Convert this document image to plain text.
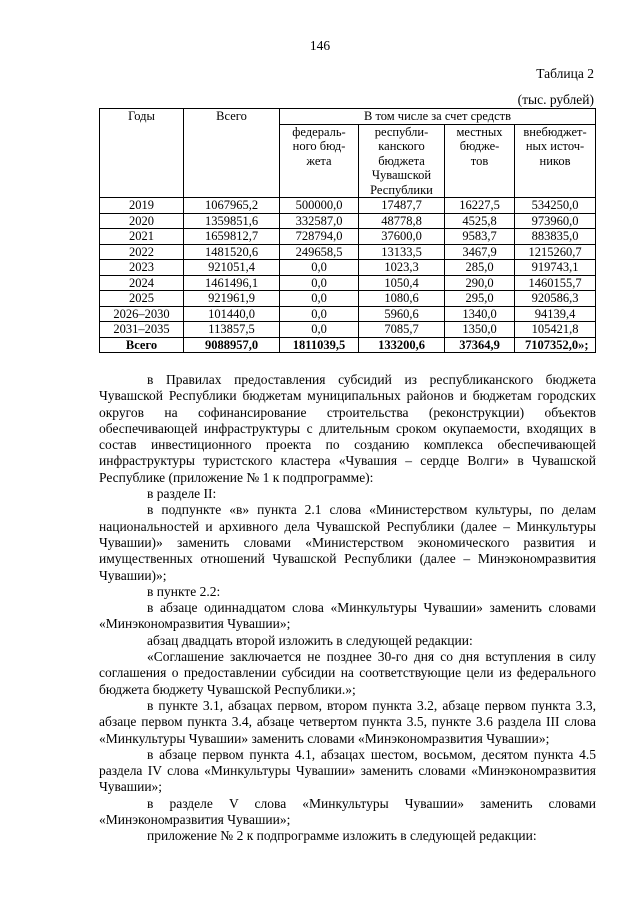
146
Таблица 2
(тыс. рублей)
Годы	Всего	В том числе за счет средств			

		федераль-
ного бюд-
жета	республи-
канского
бюджета
Чувашской
Республики	местных
бюдже-
тов	внебюджет-
ных источ-
ников

2019	1067965,2	500000,0	17487,7	16227,5	534250,0
2020	1359851,6	332587,0	48778,8	4525,8	973960,0
2021	1659812,7	728794,0	37600,0	9583,7	883835,0
2022	1481520,6	249658,5	13133,5	3467,9	1215260,7
2023	921051,4	0,0	1023,3	285,0	919743,1
2024	1461496,1	0,0	1050,4	290,0	1460155,7
2025	921961,9	0,0	1080,6	295,0	920586,3
2026–2030	101440,0	0,0	5960,6	1340,0	94139,4
2031–2035	113857,5	0,0	7085,7	1350,0	105421,8
Всего	9088957,0	1811039,5	133200,6	37364,9	7107352,0»;

в Правилах предоставления субсидий из республиканского бюджета Чувашской Республики бюджетам муниципальных районов и бюджетам городских округов на софинансирование строительства (реконструкции) объектов обеспечивающей инфраструктуры с длительным сроком окупаемости, входящих в состав инвестиционного проекта по созданию комплекса обеспечивающей инфраструктуры туристского кластера «Чувашия – сердце Волги» в Чувашской Республике (приложение № 1 к подпрограмме):

в разделе II:

в подпункте «в» пункта 2.1 слова «Министерством культуры, по делам национальностей и архивного дела Чувашской Республики (далее – Минкультуры Чувашии)» заменить словами «Министерством экономического развития и имущественных отношений Чувашской Республики (далее – Минэкономразвития Чувашии)»;

в пункте 2.2:

в абзаце одиннадцатом слова «Минкультуры Чувашии» заменить словами «Минэкономразвития Чувашии»;

абзац двадцать второй изложить в следующей редакции:

«Соглашение заключается не позднее 30-го дня со дня вступления в силу соглашения о предоставлении субсидии на соответствующие цели из федерального бюджета бюджету Чувашской Республики.»;

в пункте 3.1, абзацах первом, втором пункта 3.2, абзаце первом пункта 3.3, абзаце первом пункта 3.4, абзаце четвертом пункта 3.5, пункте 3.6 раздела III слова «Минкультуры Чувашии» заменить словами «Минэкономразвития Чувашии»;

в абзаце первом пункта 4.1, абзацах шестом, восьмом, десятом пункта 4.5 раздела IV слова «Минкультуры Чувашии» заменить словами «Минэкономразвития Чувашии»;

в разделе V слова «Минкультуры Чувашии» заменить словами «Минэкономразвития Чувашии»;

приложение № 2 к подпрограмме изложить в следующей редакции:
